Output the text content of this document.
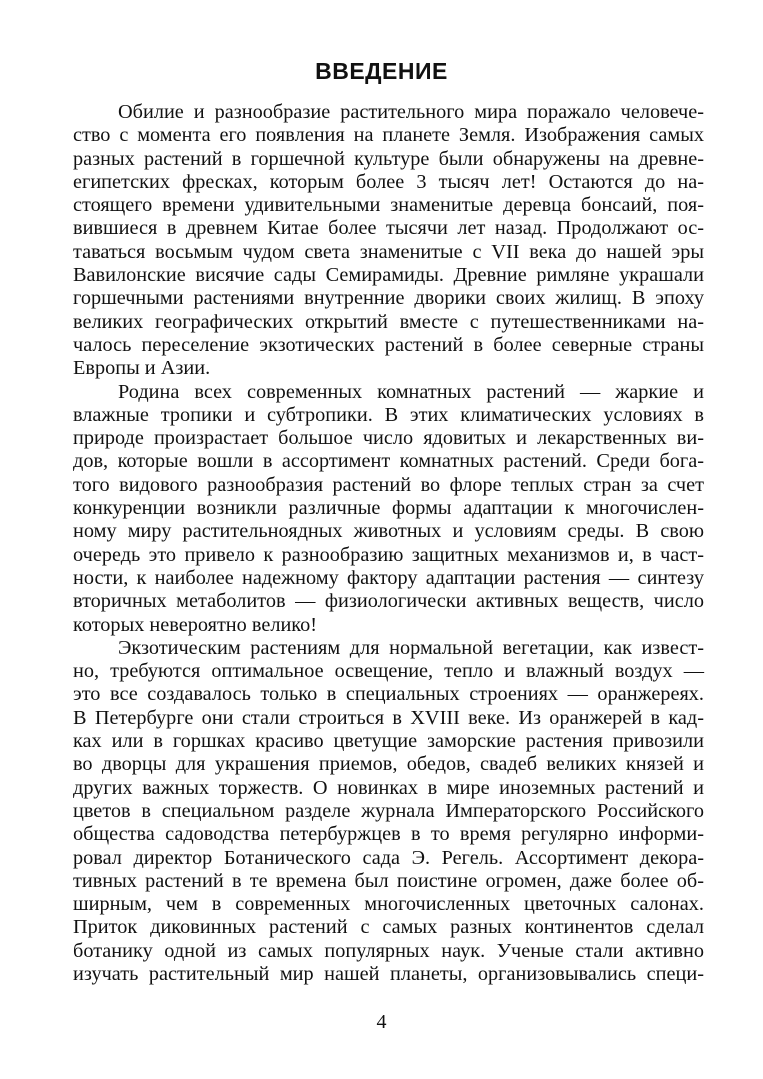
ВВЕДЕНИЕ
Обилие и разнообразие растительного мира поражало человече-
ство с момента его появления на планете Земля. Изображения самых
разных растений в горшечной культуре были обнаружены на древне-
египетских фресках, которым более 3 тысяч лет! Остаются до на-
стоящего времени удивительными знаменитые деревца бонсаий, поя-
вившиеся в древнем Китае более тысячи лет назад. Продолжают ос-
таваться восьмым чудом света знаменитые с VII века до нашей эры
Вавилонские висячие сады Семирамиды. Древние римляне украшали
горшечными растениями внутренние дворики своих жилищ. В эпоху
великих географических открытий вместе с путешественниками на-
чалось переселение экзотических растений в более северные страны
Европы и Азии.
Родина всех современных комнатных растений — жаркие и
влажные тропики и субтропики. В этих климатических условиях в
природе произрастает большое число ядовитых и лекарственных ви-
дов, которые вошли в ассортимент комнатных растений. Среди бога-
того видового разнообразия растений во флоре теплых стран за счет
конкуренции возникли различные формы адаптации к многочислен-
ному миру растительноядных животных и условиям среды. В свою
очередь это привело к разнообразию защитных механизмов и, в част-
ности, к наиболее надежному фактору адаптации растения — синтезу
вторичных метаболитов — физиологически активных веществ, число
которых невероятно велико!
Экзотическим растениям для нормальной вегетации, как извест-
но, требуются оптимальное освещение, тепло и влажный воздух —
это все создавалось только в специальных строениях — оранжереях.
В Петербурге они стали строиться в XVIII веке. Из оранжерей в кад-
ках или в горшках красиво цветущие заморские растения привозили
во дворцы для украшения приемов, обедов, свадеб великих князей и
других важных торжеств. О новинках в мире иноземных растений и
цветов в специальном разделе журнала Императорского Российского
общества садоводства петербуржцев в то время регулярно информи-
ровал директор Ботанического сада Э. Регель. Ассортимент декора-
тивных растений в те времена был поистине огромен, даже более об-
ширным, чем в современных многочисленных цветочных салонах.
Приток диковинных растений с самых разных континентов сделал
ботанику одной из самых популярных наук. Ученые стали активно
изучать растительный мир нашей планеты, организовывались специ-
4
